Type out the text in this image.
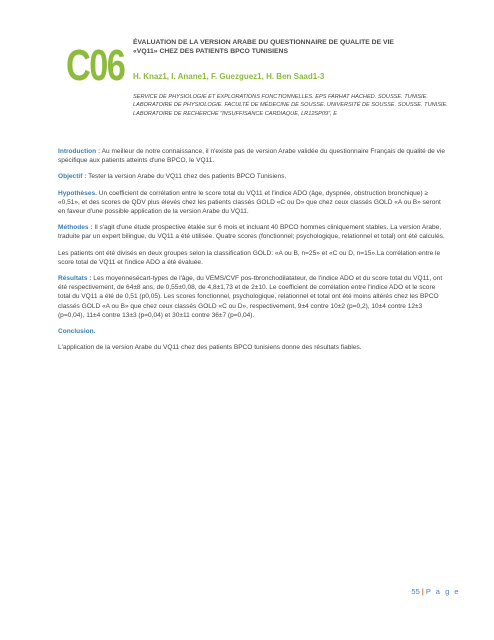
C06 ÉVALUATION DE LA VERSION ARABE DU QUESTIONNAIRE DE QUALITE DE VIE
«VQ11» CHEZ DES PATIENTS BPCO TUNISIENS
H. Knaz1, I. Anane1, F. Guezguez1, H. Ben Saad1-3
SERVICE DE PHYSIOLOGIE ET EXPLORATIONS FONCTIONNELLES. EPS FARHAT HACHED. SOUSSE. TUNISIE.
LABORATOIRE DE PHYSIOLOGIE. FACULTÉ DE MÉDECINE DE SOUSSE. UNIVERSITÉ DE SOUSSE. SOUSSE. TUNISIE.
LABORATOIRE DE RECHERCHE "INSUFFISANCE CARDIAQUE, LR12SP09", E

Introduction : Au meilleur de notre connaissance, il n'existe pas de version Arabe validée du questionnaire Français de qualité de vie spécifique aux patients atteints d'une BPCO, le VQ11.

Objectif : Tester la version Arabe du VQ11 chez des patients BPCO Tunisiens.

Hypothèses. Un coefficient de corrélation entre le score total du VQ11 et l'indice ADO (âge, dyspnée, obstruction bronchique) ≥ «0,51», et des scores de QDV plus élevés chez les patients classés GOLD «C ou D» que chez ceux classés GOLD «A ou B» seront en faveur d'une possible application de la version Arabe du VQ11.

Méthodes : Il s'agit d'une étude prospective étalée sur 6 mois et incluant 40 BPCO hommes cliniquement stables. La version Arabe, traduite par un expert bilingue, du VQ11 a été utilisée. Quatre scores (fonctionnel; psychologique, relationnel et total) ont été calculés.

Les patients ont été divisés en deux groupes selon la classification GOLD: «A ou B, n=25» et «C ou D, n=15».La corrélation entre le score total de VQ11 et l'indice ADO a été évaluée.

Résultats : Les moyennesécart-types de l'âge, du VEMS/CVF pos-tbronchodilatateur, de l'indice ADO et du score total du VQ11, ont été respectivement, de 64±8 ans, de 0,55±0,08, de 4,8±1,73 et de 2±10. Le coefficient de corrélation entre l'indice ADO et le score total du VQ11 a été de 0,51 (p0,05). Les scores fonctionnel, psychologique, relationnel et total ont été moins altérés chez les BPCO classés GOLD «A ou B» que chez ceux classés GOLD «C ou D», respectivement, 9±4 contre 10±2 (p=0,2), 10±4 contre 12±3 (p=0,04), 11±4 contre 13±3 (p=0,04) et 30±11 contre 36±7 (p=0,04).

Conclusion.

L'application de la version Arabe du VQ11 chez des patients BPCO tunisiens donne des résultats fiables.

55 | P a g e
